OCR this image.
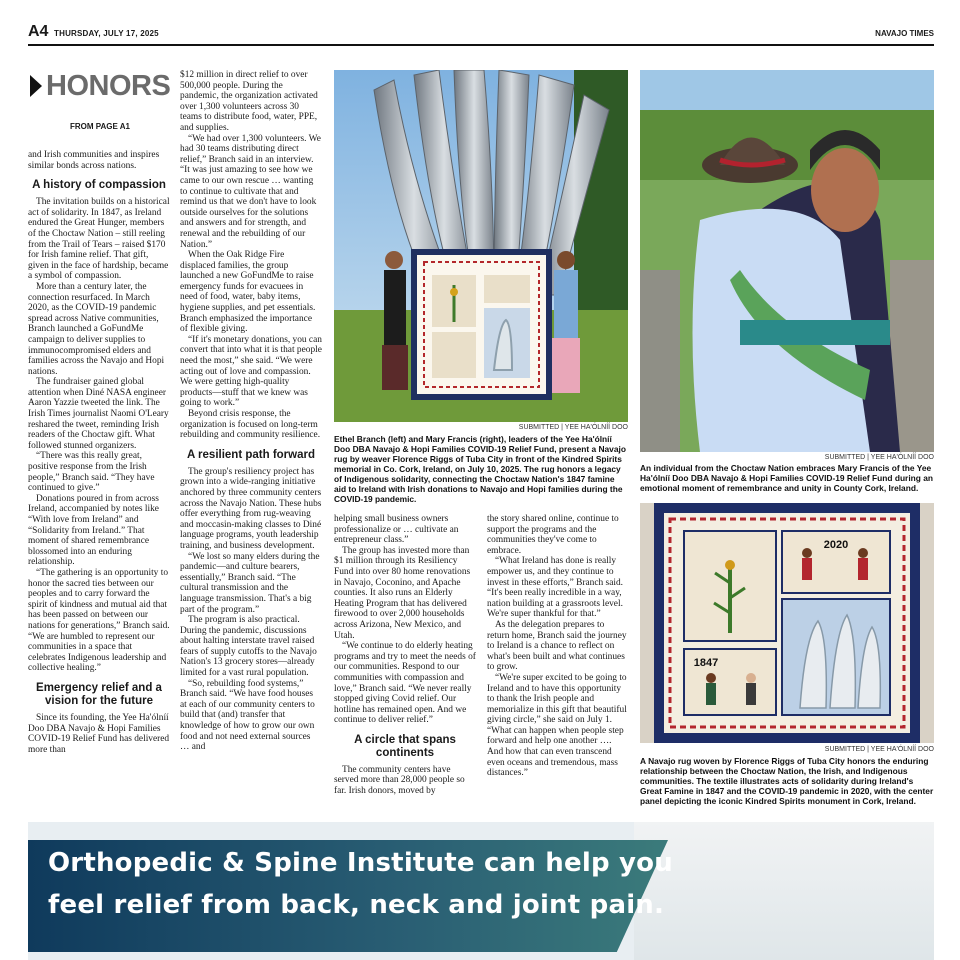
A4 THURSDAY, JULY 17, 2025	NAVAJO TIMES
HONORS
FROM PAGE A1

and Irish communities and inspires similar bonds across nations.

A history of compassion

The invitation builds on a historical act of solidarity. In 1847, as Ireland endured the Great Hunger, members of the Choctaw Nation – still reeling from the Trail of Tears – raised $170 for Irish famine relief. That gift, given in the face of hardship, became a symbol of compassion.

More than a century later, the connection resurfaced. In March 2020, as the COVID-19 pandemic spread across Native communities, Branch launched a GoFundMe campaign to deliver supplies to immunocompromised elders and families across the Navajo and Hopi nations.

The fundraiser gained global attention when Diné NASA engineer Aaron Yazzie tweeted the link. The Irish Times journalist Naomi O'Leary reshared the tweet, reminding Irish readers of the Choctaw gift. What followed stunned organizers.

“There was this really great, positive response from the Irish people,” Branch said. “They have continued to give.”

Donations poured in from across Ireland, accompanied by notes like “With love from Ireland” and “Solidarity from Ireland.” That moment of shared remembrance blossomed into an enduring relationship.

“The gathering is an opportunity to honor the sacred ties between our peoples and to carry forward the spirit of kindness and mutual aid that has been passed on between our nations for generations,” Branch said. “We are humbled to represent our communities in a space that celebrates Indigenous leadership and collective healing.”

Emergency relief and a vision for the future

Since its founding, the Yee Ha'ólníí Doo DBA Navajo & Hopi Families COVID-19 Relief Fund has delivered more than

$12 million in direct relief to over 500,000 people. During the pandemic, the organization activated over 1,300 volunteers across 30 teams to distribute food, water, PPE, and supplies.

“We had over 1,300 volunteers. We had 30 teams distributing direct relief,” Branch said in an interview. “It was just amazing to see how we came to our own rescue … wanting to continue to cultivate that and remind us that we don't have to look outside ourselves for the solutions and answers and for strength, and renewal and the rebuilding of our Nation.”

When the Oak Ridge Fire displaced families, the group launched a new GoFundMe to raise emergency funds for evacuees in need of food, water, baby items, hygiene supplies, and pet essentials. Branch emphasized the importance of flexible giving.

“If it's monetary donations, you can convert that into what it is that people need the most,” she said. “We were acting out of love and compassion. We were getting high-quality products—stuff that we knew was going to work.”

Beyond crisis response, the organization is focused on long-term rebuilding and community resilience.

A resilient path forward

The group's resiliency project has grown into a wide-ranging initiative anchored by three community centers across the Navajo Nation. These hubs offer everything from rug-weaving and moccasin-making classes to Diné language programs, youth leadership training, and business development.

“We lost so many elders during the pandemic—and culture bearers, essentially,” Branch said. “The cultural transmission and the language transmission. That's a big part of the program.”

The program is also practical. During the pandemic, discussions about halting interstate travel raised fears of supply cutoffs to the Navajo Nation's 13 grocery stores—already limited for a vast rural population.

“So, rebuilding food systems,” Branch said. “We have food houses at each of our community centers to build that (and) transfer that knowledge of how to grow our own food and not need external sources … and

SUBMITTED | YEE HA'ÓLNÍÍ DOO
Ethel Branch (left) and Mary Francis (right), leaders of the Yee Ha'ólníí Doo DBA Navajo & Hopi Families COVID-19 Relief Fund, present a Navajo rug by weaver Florence Riggs of Tuba City in front of the Kindred Spirits memorial in Co. Cork, Ireland, on July 10, 2025. The rug honors a legacy of Indigenous solidarity, connecting the Choctaw Nation's 1847 famine aid to Ireland with Irish donations to Navajo and Hopi families during the COVID-19 pandemic.
SUBMITTED | YEE HA'ÓLNÍÍ DOO
An individual from the Choctaw Nation embraces Mary Francis of the Yee Ha'ólníí Doo DBA Navajo & Hopi Families COVID-19 Relief Fund during an emotional moment of remembrance and unity in County Cork, Ireland.
2020
1847
SUBMITTED | YEE HA'ÓLNÍÍ DOO
A Navajo rug woven by Florence Riggs of Tuba City honors the enduring relationship between the Choctaw Nation, the Irish, and Indigenous communities. The textile illustrates acts of solidarity during Ireland's Great Famine in 1847 and the COVID-19 pandemic in 2020, with the center panel depicting the iconic Kindred Spirits monument in Cork, Ireland.

helping small business owners professionalize or … cultivate an entrepreneur class.”

The group has invested more than $1 million through its Resiliency Fund into over 80 home renovations in Navajo, Coconino, and Apache counties. It also runs an Elderly Heating Program that has delivered firewood to over 2,000 households across Arizona, New Mexico, and Utah.

“We continue to do elderly heating programs and try to meet the needs of our communities. Respond to our communities with compassion and love,” Branch said. “We never really stopped giving Covid relief. Our hotline has remained open. And we continue to deliver relief.”

A circle that spans continents

The community centers have served more than 28,000 people so far. Irish donors, moved by

the story shared online, continue to support the programs and the communities they've come to embrace.

“What Ireland has done is really empower us, and they continue to invest in these efforts,” Branch said. “It's been really incredible in a way, nation building at a grassroots level. We're super thankful for that.”

As the delegation prepares to return home, Branch said the journey to Ireland is a chance to reflect on what's been built and what continues to grow.

“We're super excited to be going to Ireland and to have this opportunity to thank the Irish people and memorialize in this gift that beautiful giving circle,” she said on July 1. “What can happen when people step forward and help one another …. And how that can even transcend even oceans and tremendous, mass distances.”

Orthopedic & Spine Institute can help you
feel relief from back, neck and joint pain.
